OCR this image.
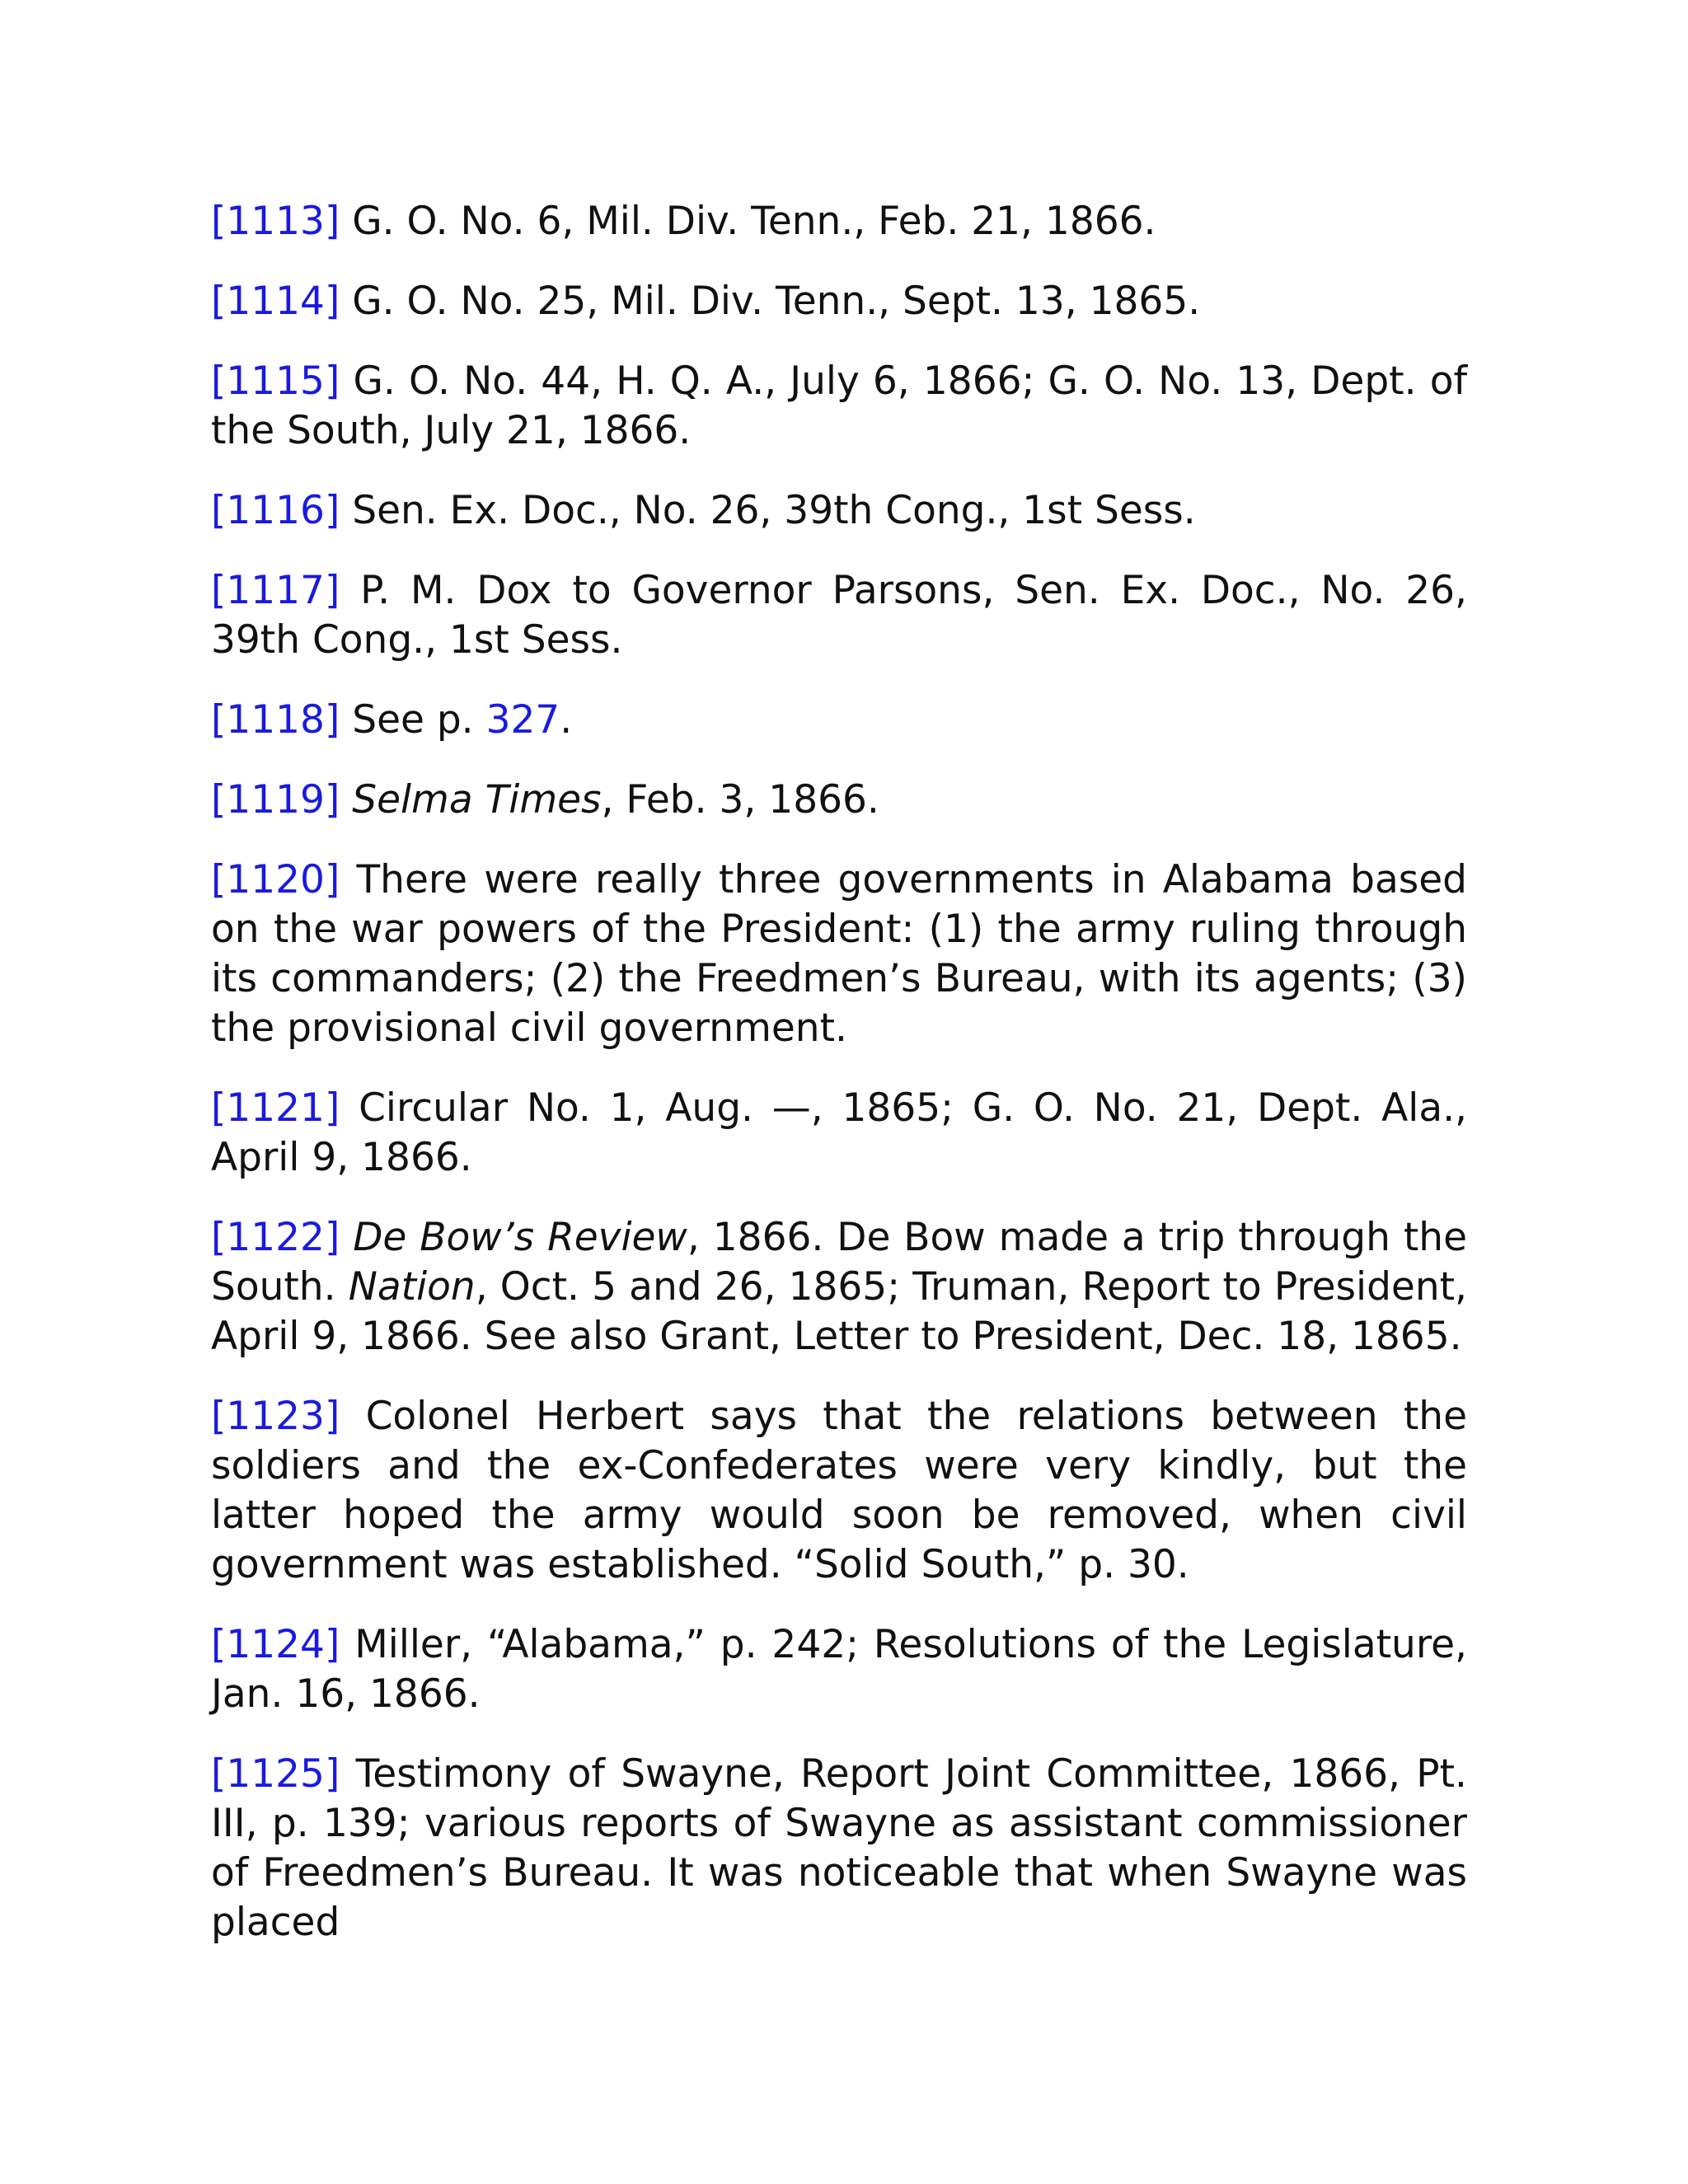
[1113] G. O. No. 6, Mil. Div. Tenn., Feb. 21, 1866.

[1114] G. O. No. 25, Mil. Div. Tenn., Sept. 13, 1865.

[1115] G. O. No. 44, H. Q. A., July 6, 1866; G. O. No. 13, Dept. of the South, July 21, 1866.

[1116] Sen. Ex. Doc., No. 26, 39th Cong., 1st Sess.

[1117] P. M. Dox to Governor Parsons, Sen. Ex. Doc., No. 26, 39th Cong., 1st Sess.

[1118] See p. 327.

[1119] Selma Times, Feb. 3, 1866.

[1120] There were really three governments in Alabama based on the war powers of the President: (1) the army ruling through its commanders; (2) the Freedmen’s Bureau, with its agents; (3) the provisional civil government.

[1121] Circular No. 1, Aug. —, 1865; G. O. No. 21, Dept. Ala., April 9, 1866.

[1122] De Bow’s Review, 1866. De Bow made a trip through the South. Nation, Oct. 5 and 26, 1865; Truman, Report to President, April 9, 1866. See also Grant, Letter to President, Dec. 18, 1865.

[1123] Colonel Herbert says that the relations between the soldiers and the ex-Confederates were very kindly, but the latter hoped the army would soon be removed, when civil government was established. “Solid South,” p. 30.

[1124] Miller, “Alabama,” p. 242; Resolutions of the Legislature, Jan. 16, 1866.

[1125] Testimony of Swayne, Report Joint Committee, 1866, Pt. III, p. 139; various reports of Swayne as assistant commissioner of Freedmen’s Bureau. It was noticeable that when Swayne was placed
